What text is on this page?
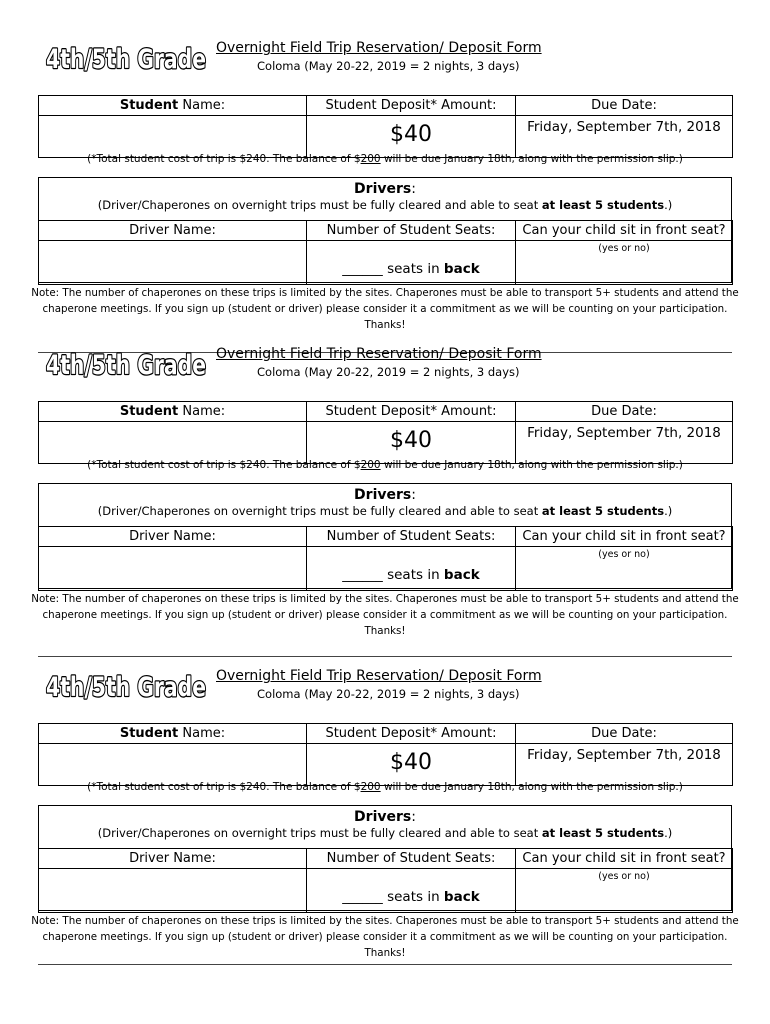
4th/5th Grade Overnight Field Trip Reservation/ Deposit Form
Coloma (May 20-22, 2019 = 2 nights, 3 days)
Student Name:	Student Deposit* Amount:	Due Date:
	$40	Friday, September 7th, 2018
(*Total student cost of trip is $240. The balance of $200 will be due January 18th, along with the permission slip.)
Drivers:
(Driver/Chaperones on overnight trips must be fully cleared and able to seat at least 5 students.)
Driver Name:	Number of Student Seats:	Can your child sit in front seat?
	______ seats in back	(yes or no)
Note: The number of chaperones on these trips is limited by the sites. Chaperones must be able to transport 5+ students and attend the chaperone meetings. If you sign up (student or driver) please consider it a commitment as we will be counting on your participation. Thanks!
4th/5th Grade Overnight Field Trip Reservation/ Deposit Form
Coloma (May 20-22, 2019 = 2 nights, 3 days)
Student Name:	Student Deposit* Amount:	Due Date:
	$40	Friday, September 7th, 2018
(*Total student cost of trip is $240. The balance of $200 will be due January 18th, along with the permission slip.)
Drivers:
(Driver/Chaperones on overnight trips must be fully cleared and able to seat at least 5 students.)
Driver Name:	Number of Student Seats:	Can your child sit in front seat?
	______ seats in back	(yes or no)
Note: The number of chaperones on these trips is limited by the sites. Chaperones must be able to transport 5+ students and attend the chaperone meetings. If you sign up (student or driver) please consider it a commitment as we will be counting on your participation. Thanks!
4th/5th Grade Overnight Field Trip Reservation/ Deposit Form
Coloma (May 20-22, 2019 = 2 nights, 3 days)
Student Name:	Student Deposit* Amount:	Due Date:
	$40	Friday, September 7th, 2018
(*Total student cost of trip is $240. The balance of $200 will be due January 18th, along with the permission slip.)
Drivers:
(Driver/Chaperones on overnight trips must be fully cleared and able to seat at least 5 students.)
Driver Name:	Number of Student Seats:	Can your child sit in front seat?
	______ seats in back	(yes or no)
Note: The number of chaperones on these trips is limited by the sites. Chaperones must be able to transport 5+ students and attend the chaperone meetings. If you sign up (student or driver) please consider it a commitment as we will be counting on your participation. Thanks!
